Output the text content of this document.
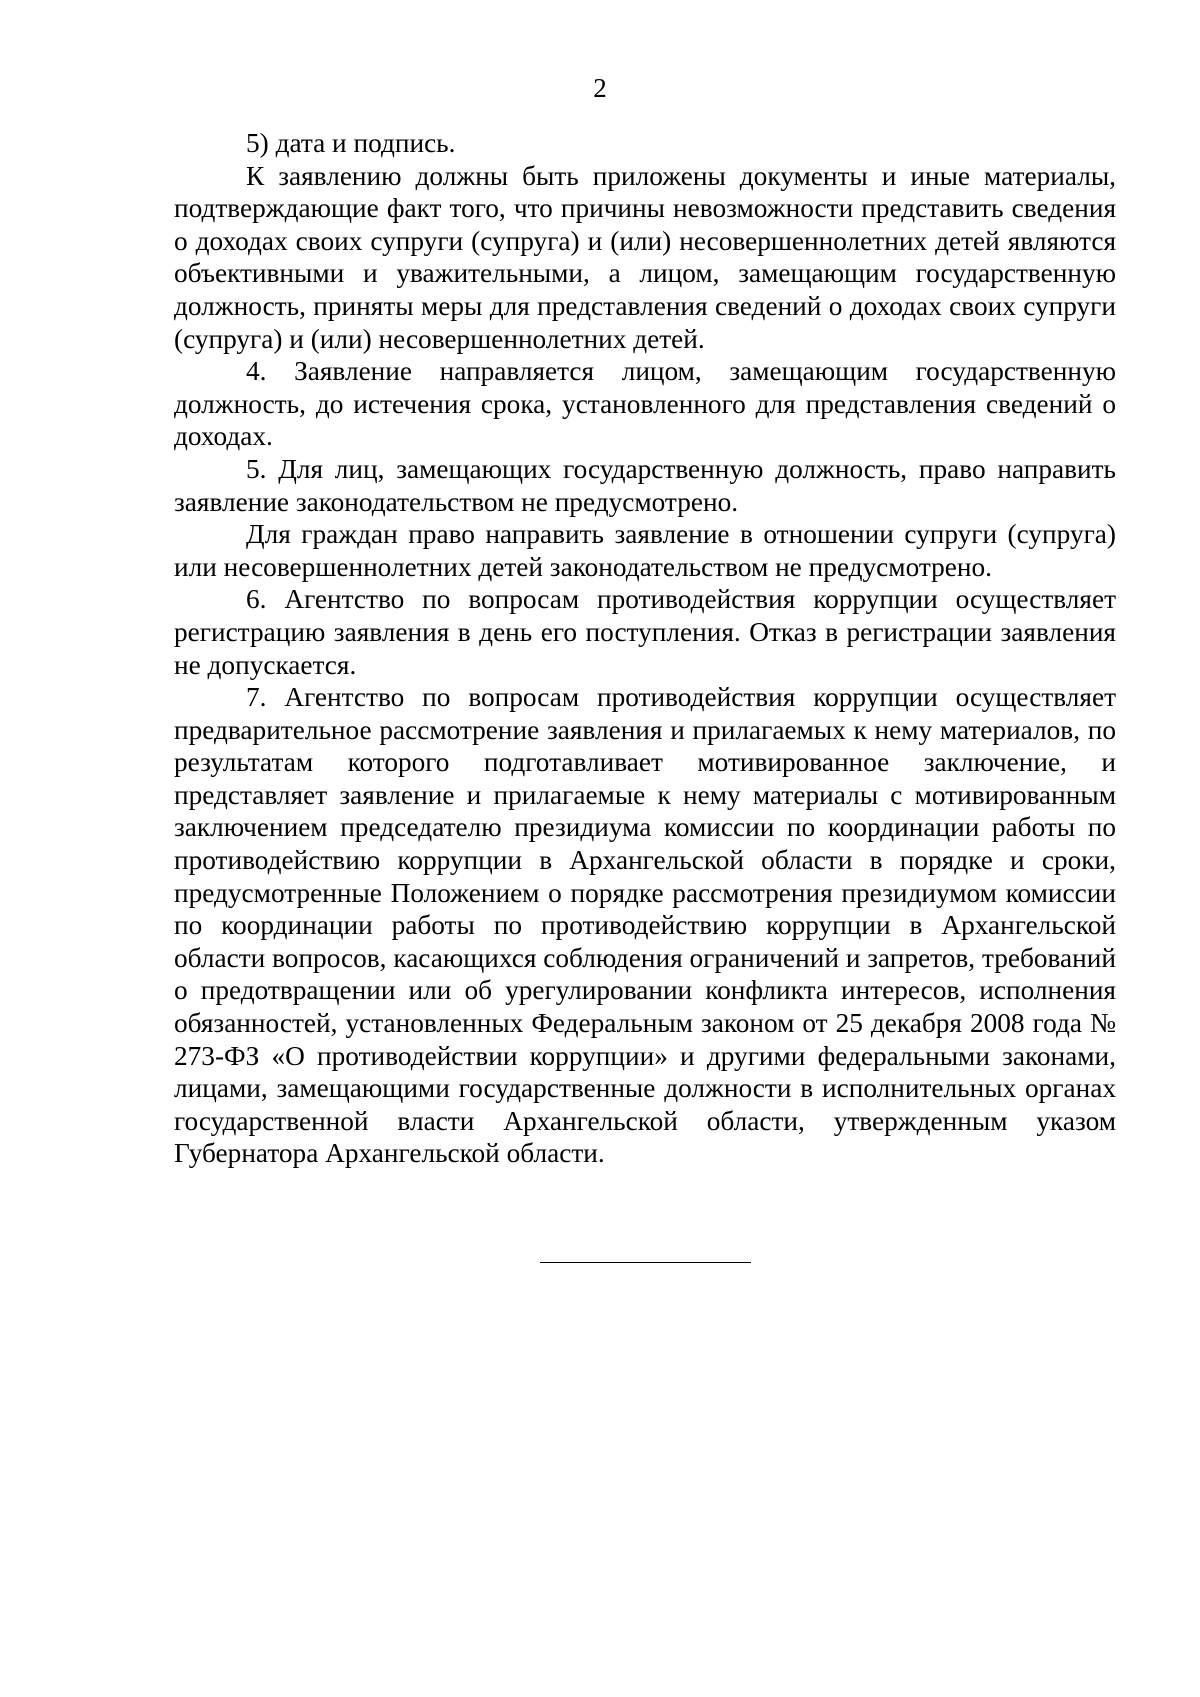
2

5) дата и подпись.

К заявлению должны быть приложены документы и иные материалы, подтверждающие факт того, что причины невозможности представить сведения о доходах своих супруги (супруга) и (или) несовершеннолетних детей являются объективными и уважительными, а лицом, замещающим государственную должность, приняты меры для представления сведений о доходах своих супруги (супруга) и (или) несовершеннолетних детей.

4. Заявление направляется лицом, замещающим государственную должность, до истечения срока, установленного для представления сведений о доходах.

5. Для лиц, замещающих государственную должность, право направить заявление законодательством не предусмотрено.

Для граждан право направить заявление в отношении супруги (супруга) или несовершеннолетних детей законодательством не предусмотрено.

6. Агентство по вопросам противодействия коррупции осуществляет регистрацию заявления в день его поступления. Отказ в регистрации заявления не допускается.

7. Агентство по вопросам противодействия коррупции осуществляет предварительное рассмотрение заявления и прилагаемых к нему материалов, по результатам которого подготавливает мотивированное заключение, и представляет заявление и прилагаемые к нему материалы с мотивированным заключением председателю президиума комиссии по координации работы по противодействию коррупции в Архангельской области в порядке и сроки, предусмотренные Положением о порядке рассмотрения президиумом комиссии по координации работы по противодействию коррупции в Архангельской области вопросов, касающихся соблюдения ограничений и запретов, требований о предотвращении или об урегулировании конфликта интересов, исполнения обязанностей, установленных Федеральным законом от 25 декабря 2008 года № 273-ФЗ «О противодействии коррупции» и другими федеральными законами, лицами, замещающими государственные должности в исполнительных органах государственной власти Архангельской области, утвержденным указом Губернатора Архангельской области.
